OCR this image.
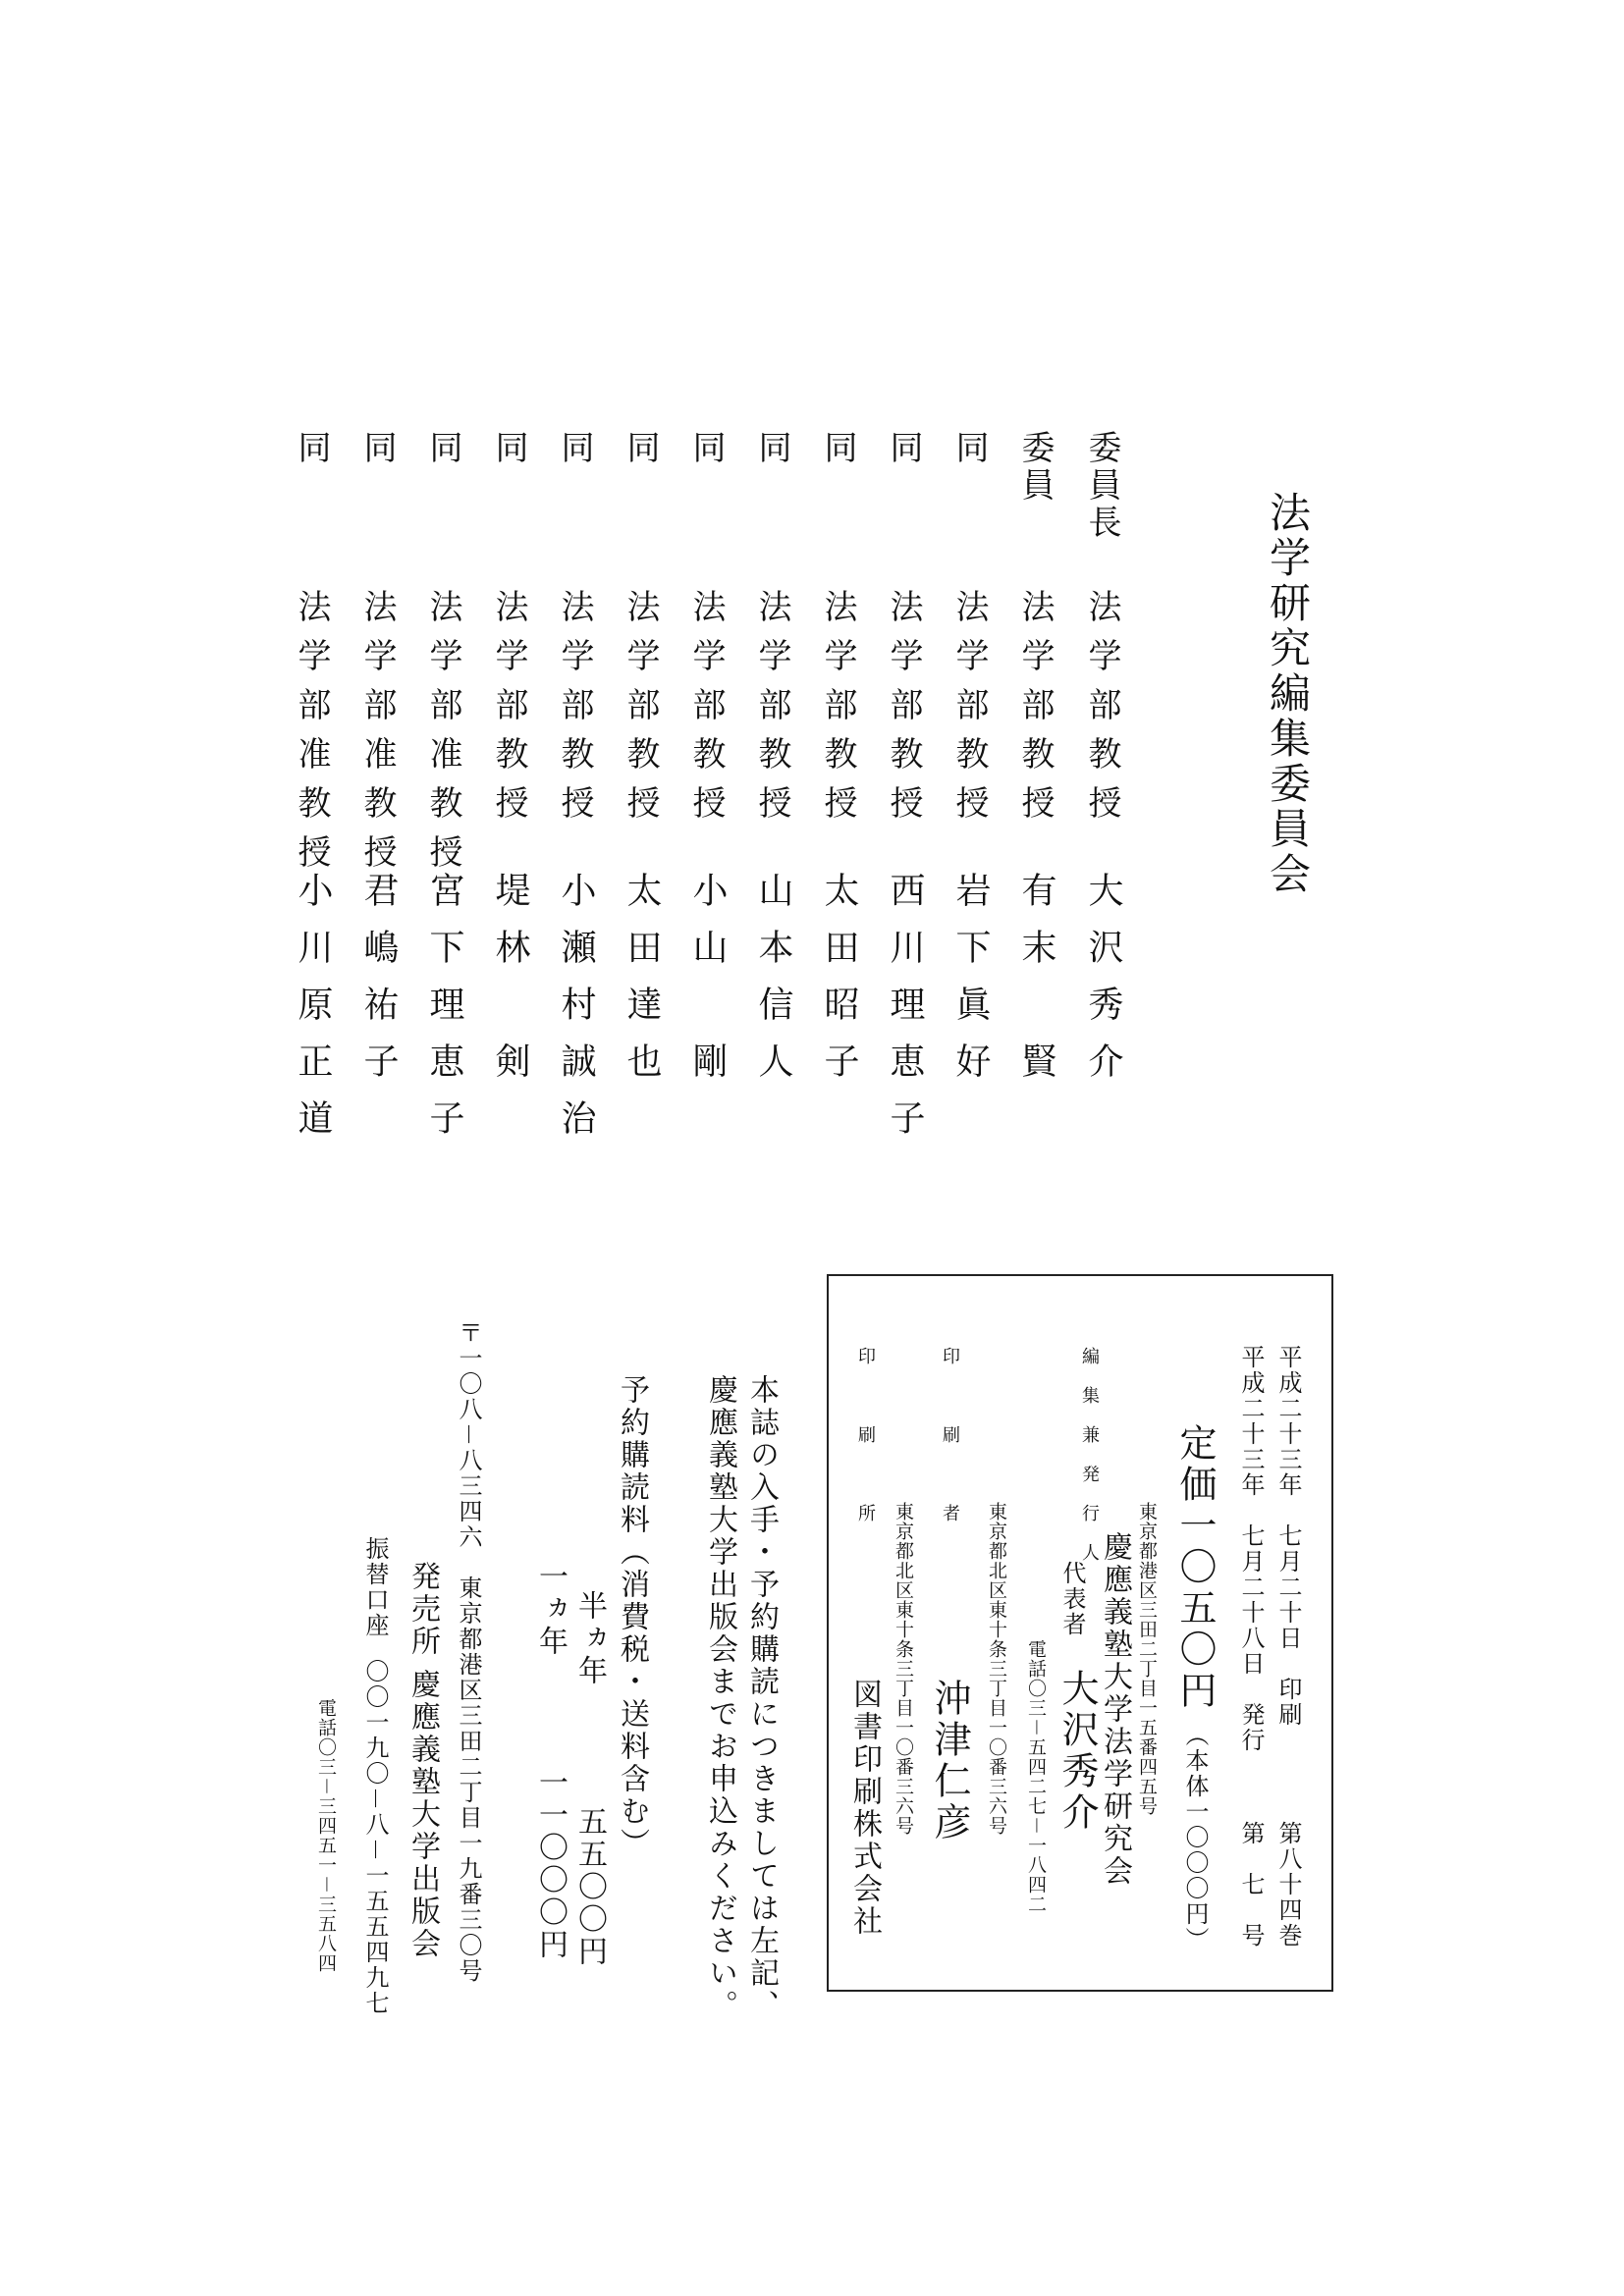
法学研究編集委員会
委員長
法学部教授
大沢秀介
委員
法学部教授
有末　賢
同
法学部教授
岩下眞好
同
法学部教授
西川理恵子
同
法学部教授
太田昭子
同
法学部教授
山本信人
同
法学部教授
小山　剛
同
法学部教授
太田達也
同
法学部教授
小瀬村誠治
同
法学部教授
堤林　剣
同
法学部准教授
宮下理恵子
同
法学部准教授
君嶋祐子
同
法学部准教授
小川原正道
平成二十三年　七月二十日　印刷
第八十四巻
平成二十三年　七月二十八日　発行
第　七　号
定価一〇五〇円
（本体一〇〇〇円）
編集兼発行人
東京都港区三田二丁目一五番四五号
慶應義塾大学法学研究会
代表者
大沢秀介
電話〇三－五四二七－一八四二
印　刷　者
東京都北区東十条三丁目一〇番三六号
沖津仁彦
印　刷　所
東京都北区東十条三丁目一〇番三六号
図書印刷株式会社
本誌の入手・予約購読につきましては左記、
慶應義塾大学出版会までお申込みください。
予約購読料（消費税・送料含む）
半ヵ年
五五〇〇円
一ヵ年
一一〇〇〇円
〒一〇八－八三四六　東京都港区三田二丁目一九番三〇号
発売所
慶應義塾大学出版会
振替口座
〇〇一九〇－八－一五五四九七
電話〇三－三四五一－三五八四
